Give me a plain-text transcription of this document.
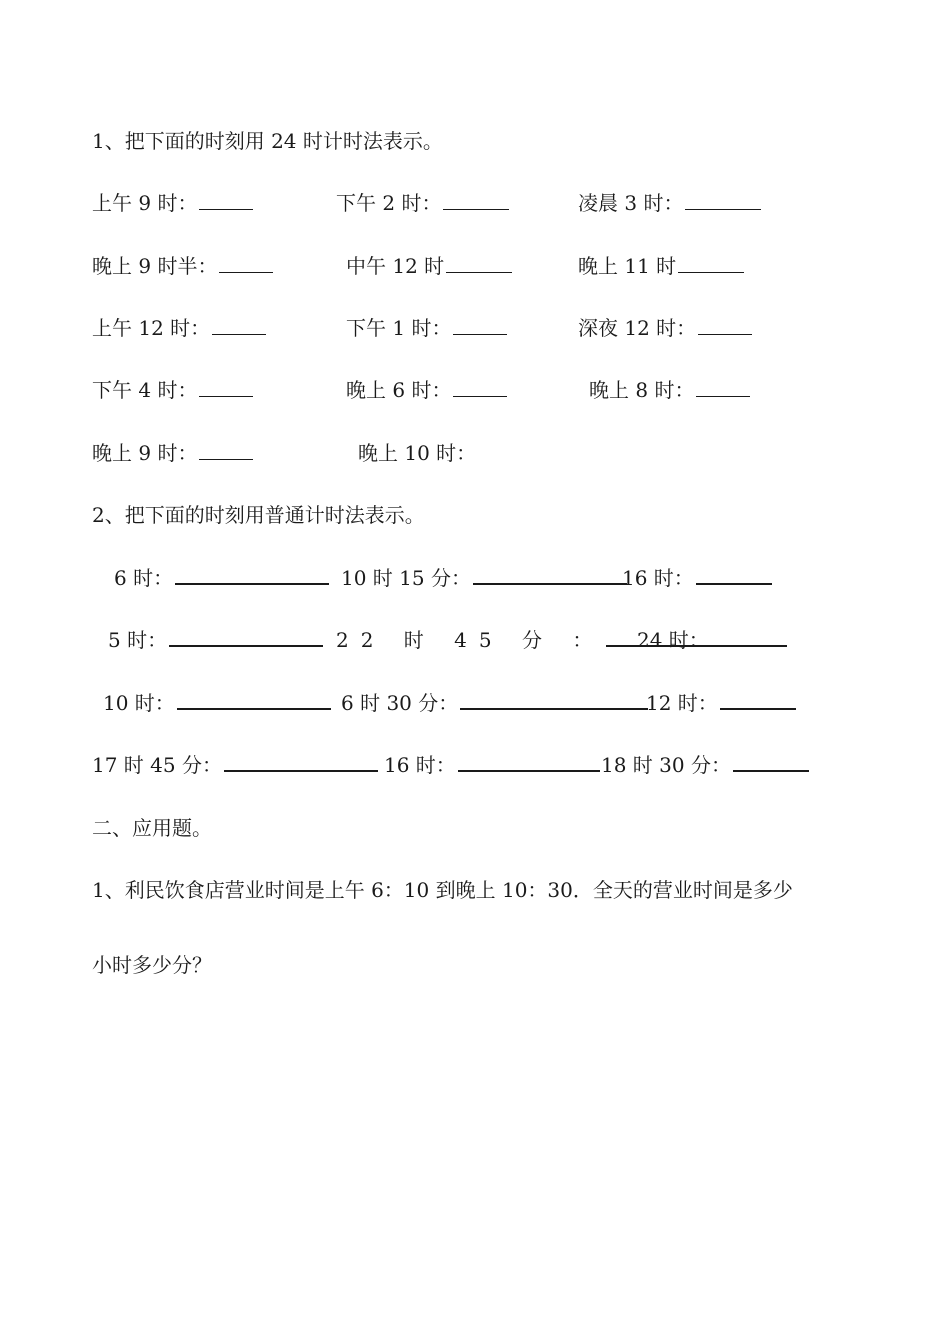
1、把下面的时刻用 24 时计时法表示。
上午 9 时：	下午 2 时：	凌晨 3 时：
晚上 9 时半：	中午 12 时	晚上 11 时
上午 12 时：	下午 1 时：	深夜 12 时：
下午 4 时：	晚上 6 时：	晚上 8 时：
晚上 9 时：	晚上 10 时：
2、把下面的时刻用普通计时法表示。
6 时：	10 时 15 分：	16 时：
5 时：	22 时 45 分 ：	24 时：
10 时：	6 时 30 分：	12 时：
17 时 45 分：	16 时：	18 时 30 分：
二、应用题。
1、利民饮食店营业时间是上午 6：10 到晚上 10：30．全天的营业时间是多少
小时多少分？
